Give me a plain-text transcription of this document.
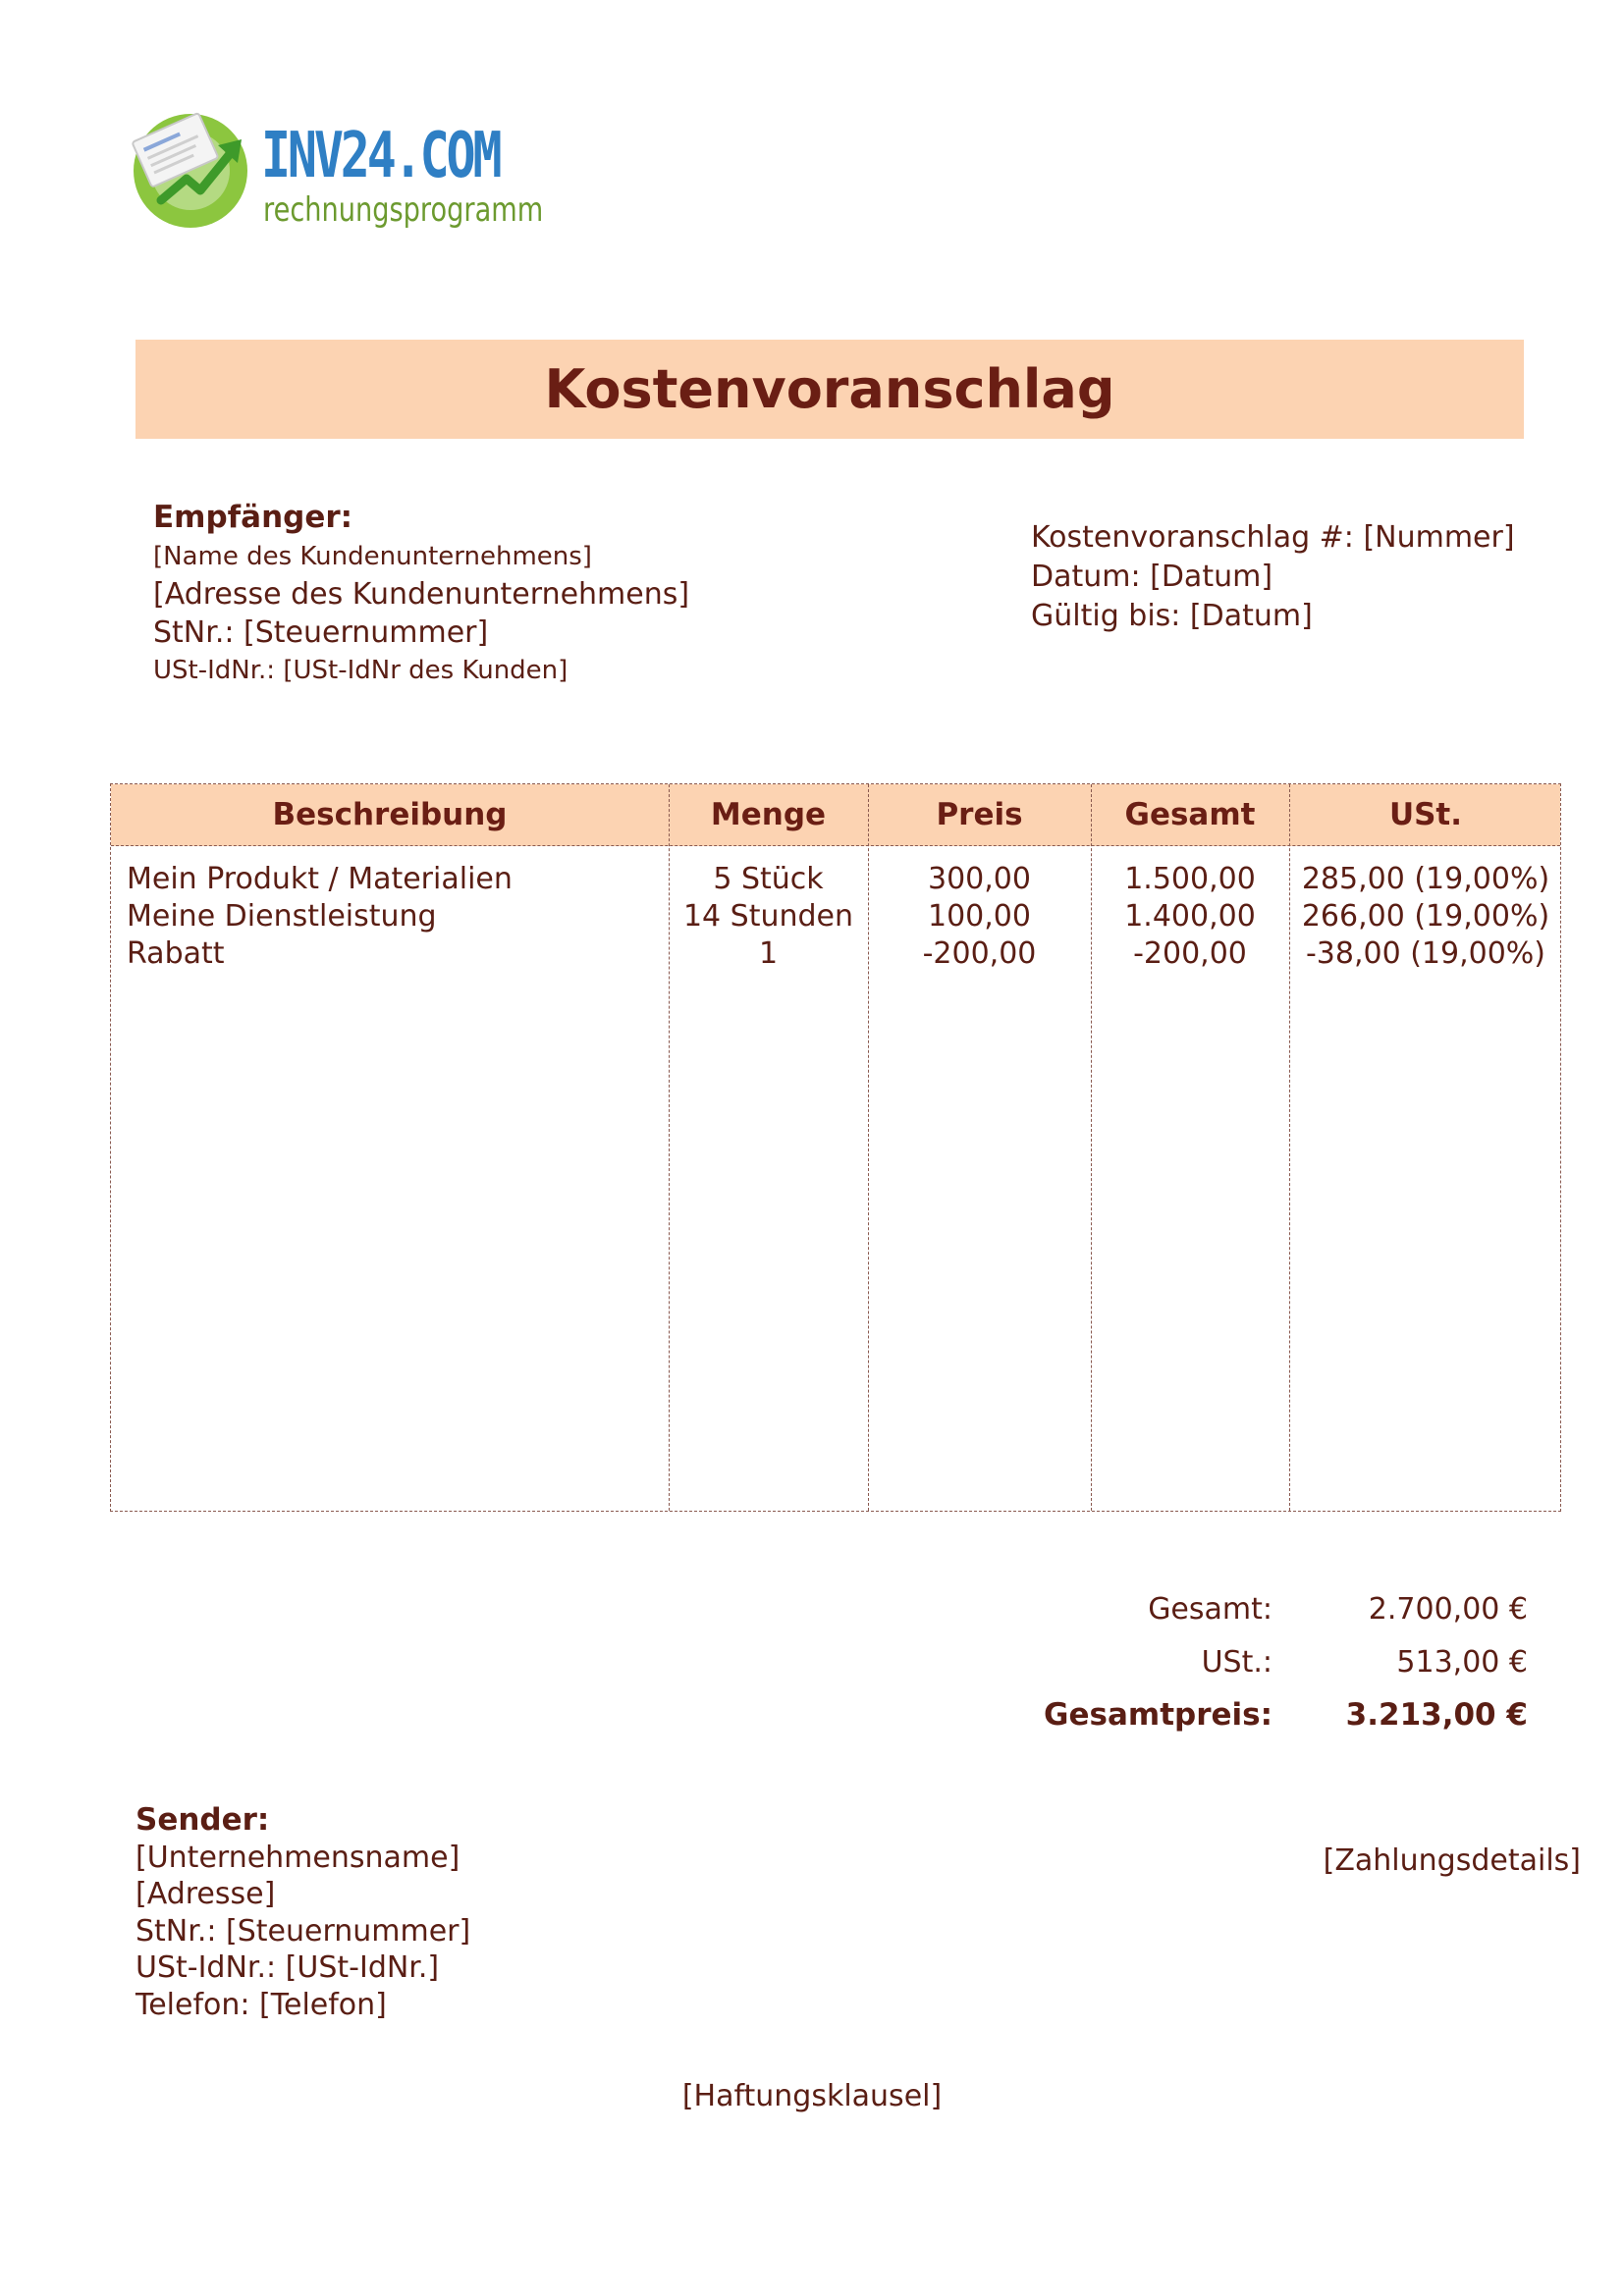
INV24.COM
rechnungsprogramm
Kostenvoranschlag
Empfänger:
[Name des Kundenunternehmens]
[Adresse des Kundenunternehmens]
StNr.: [Steuernummer]
USt-IdNr.: [USt-IdNr des Kunden]
Kostenvoranschlag #: [Nummer]
Datum: [Datum]
Gültig bis: [Datum]
Beschreibung	Menge	Preis	Gesamt	USt.
Mein Produkt / Materialien	5 Stück	300,00	1.500,00	285,00 (19,00%)
Meine Dienstleistung	14 Stunden	100,00	1.400,00	266,00 (19,00%)
Rabatt	1	-200,00	-200,00	-38,00 (19,00%)
Gesamt:	2.700,00 €
USt.:	513,00 €
Gesamtpreis:	3.213,00 €
Sender:
[Unternehmensname]
[Adresse]
StNr.: [Steuernummer]
USt-IdNr.: [USt-IdNr.]
Telefon: [Telefon]
[Zahlungsdetails]
[Haftungsklausel]
